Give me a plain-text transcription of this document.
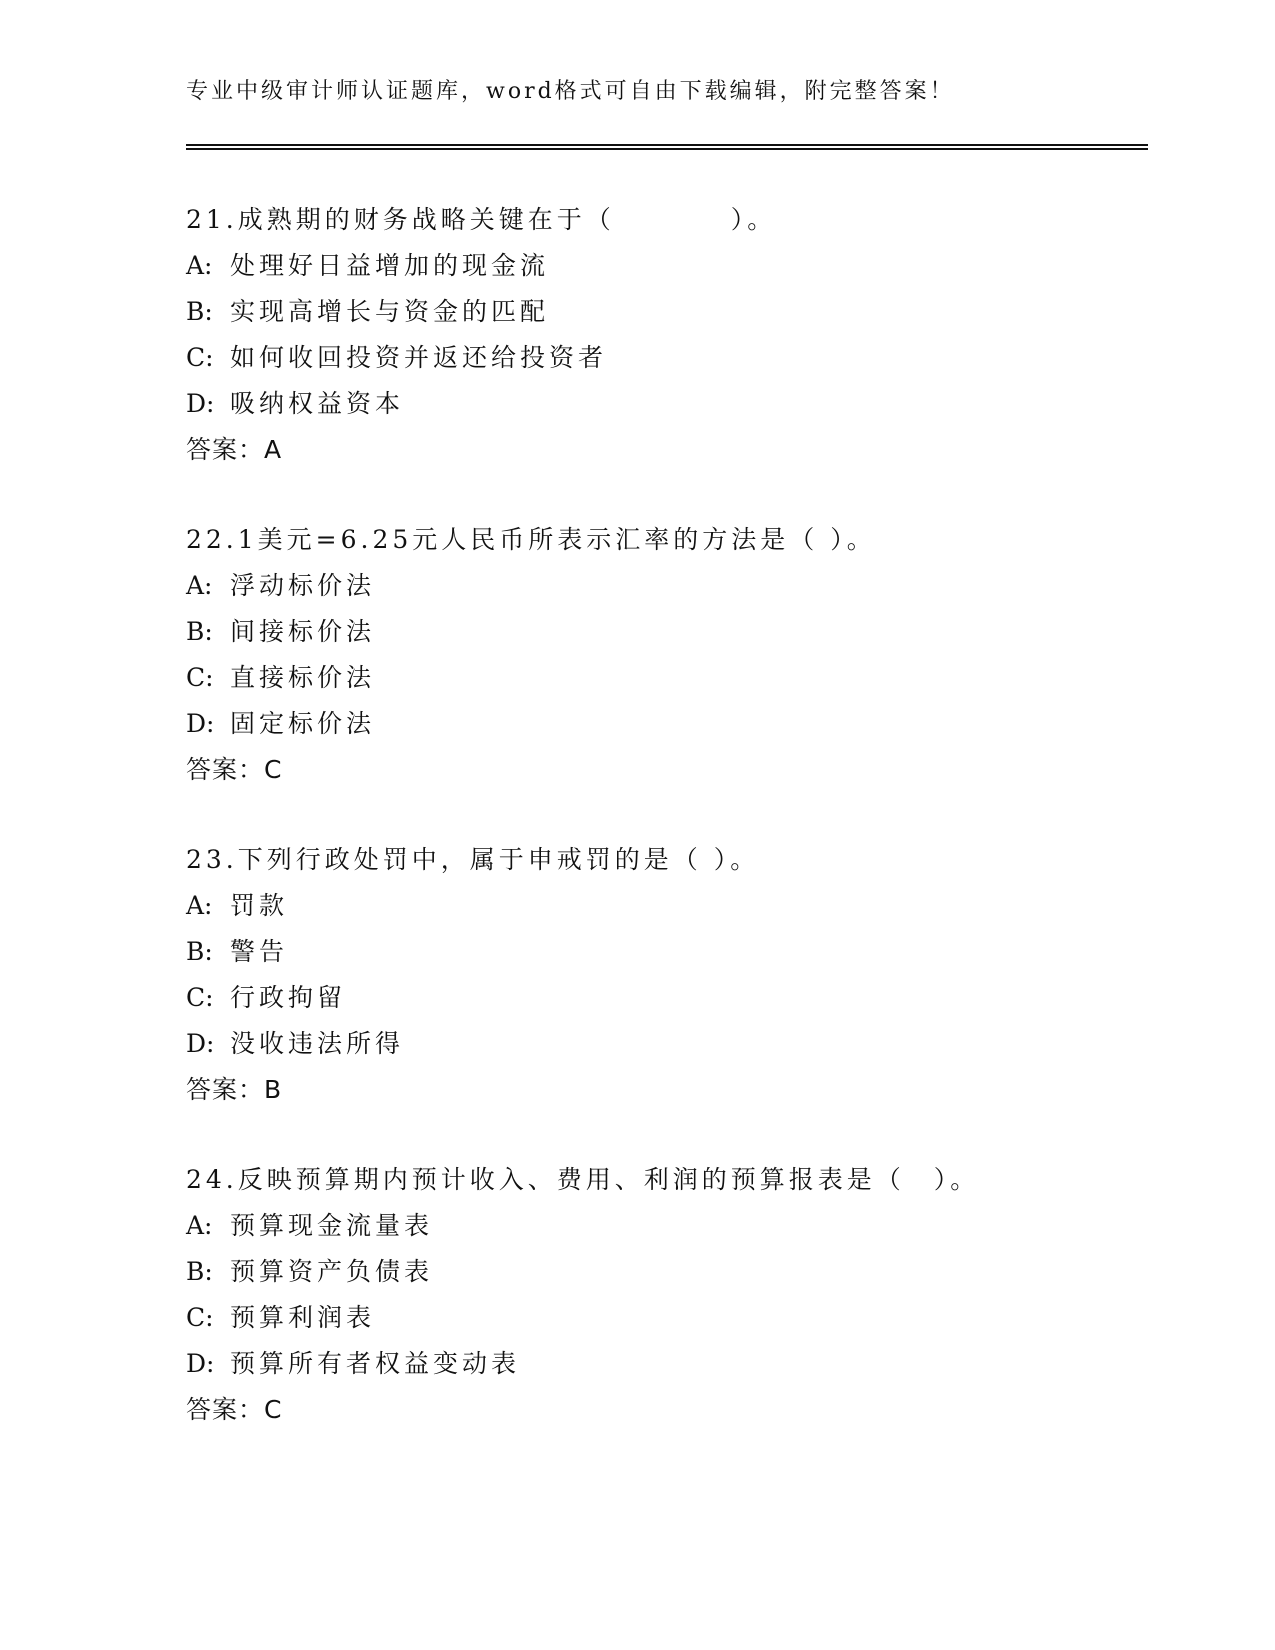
专业中级审计师认证题库，word格式可自由下载编辑，附完整答案！
21.成熟期的财务战略关键在于（　　　　）。
A: 处理好日益增加的现金流
B: 实现高增长与资金的匹配
C: 如何收回投资并返还给投资者
D: 吸纳权益资本
答案：A
22.1美元=6.25元人民币所表示汇率的方法是（ ）。
A: 浮动标价法
B: 间接标价法
C: 直接标价法
D: 固定标价法
答案：C
23.下列行政处罚中，属于申戒罚的是（ ）。
A: 罚款
B: 警告
C: 行政拘留
D: 没收违法所得
答案：B
24.反映预算期内预计收入、费用、利润的预算报表是（　）。
A: 预算现金流量表
B: 预算资产负债表
C: 预算利润表
D: 预算所有者权益变动表
答案：C
